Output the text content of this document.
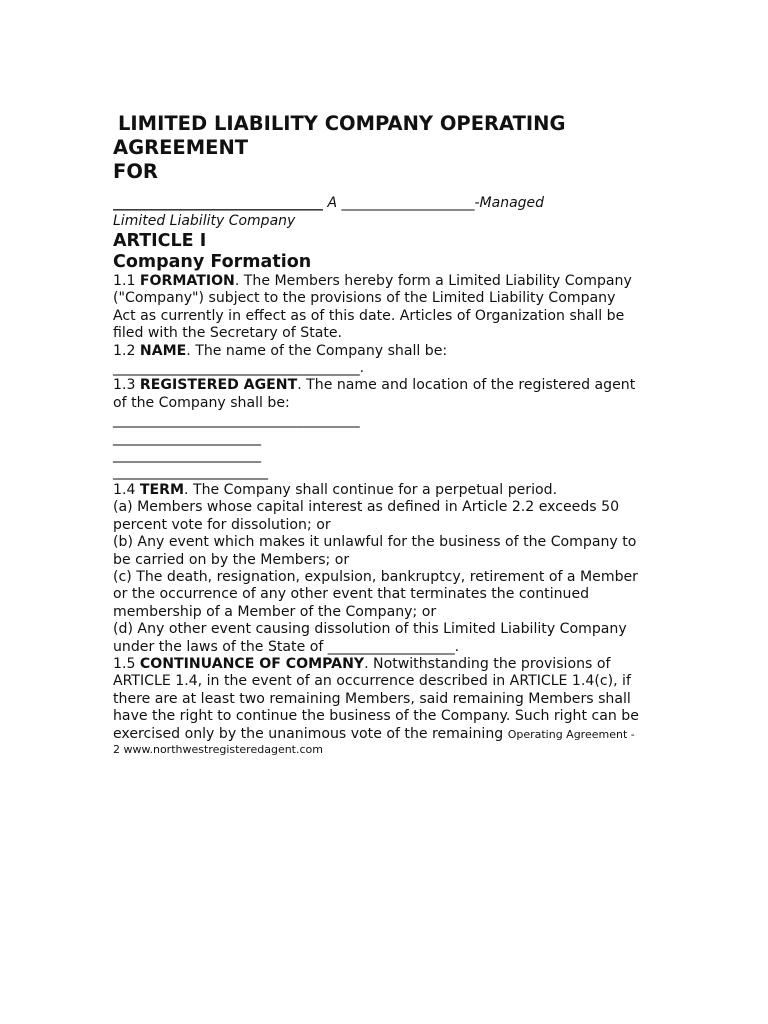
LIMITED LIABILITY COMPANY OPERATING
AGREEMENT
FOR
______________________________ A ___________________-Managed
Limited Liability Company
ARTICLE I
Company Formation
1.1 FORMATION. The Members hereby form a Limited Liability Company
("Company") subject to the provisions of the Limited Liability Company
Act as currently in effect as of this date. Articles of Organization shall be
filed with the Secretary of State.
1.2 NAME. The name of the Company shall be:
___________________________________.
1.3 REGISTERED AGENT. The name and location of the registered agent
of the Company shall be:
___________________________________
_____________________
_____________________
______________________
1.4 TERM. The Company shall continue for a perpetual period.
(a) Members whose capital interest as defined in Article 2.2 exceeds 50
percent vote for dissolution; or
(b) Any event which makes it unlawful for the business of the Company to
be carried on by the Members; or
(c) The death, resignation, expulsion, bankruptcy, retirement of a Member
or the occurrence of any other event that terminates the continued
membership of a Member of the Company; or
(d) Any other event causing dissolution of this Limited Liability Company
under the laws of the State of __________________.
1.5 CONTINUANCE OF COMPANY. Notwithstanding the provisions of
ARTICLE 1.4, in the event of an occurrence described in ARTICLE 1.4(c), if
there are at least two remaining Members, said remaining Members shall
have the right to continue the business of the Company. Such right can be
exercised only by the unanimous vote of the remaining Operating Agreement -
2 www.northwestregisteredagent.com
